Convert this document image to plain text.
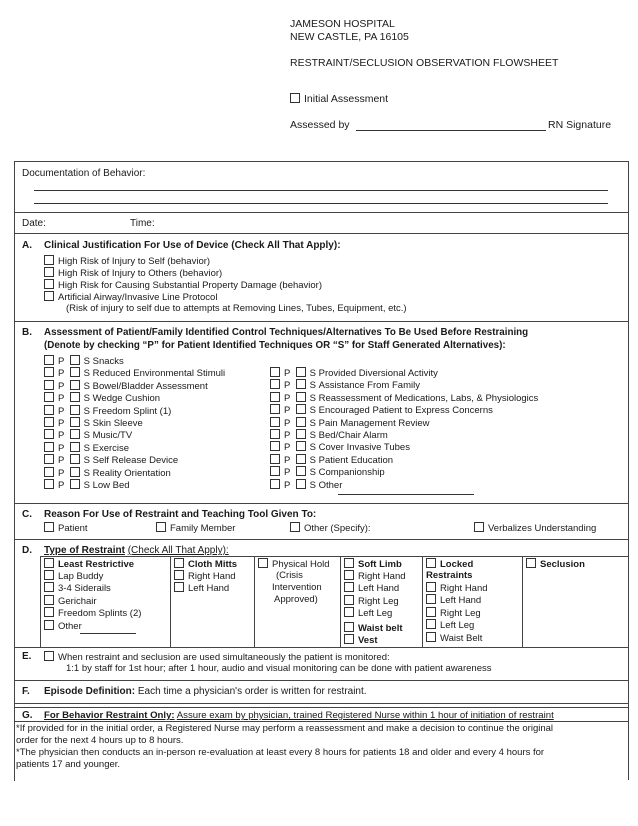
JAMESON HOSPITAL
NEW CASTLE, PA 16105
RESTRAINT/SECLUSION OBSERVATION FLOWSHEET
Initial Assessment
Assessed by	RN Signature
Documentation of Behavior:
Date:	Time:
A. Clinical Justification For Use of Device (Check All That Apply):
High Risk of Injury to Self (behavior)
High Risk of Injury to Others (behavior)
High Risk for Causing Substantial Property Damage (behavior)
Artificial Airway/Invasive Line Protocol
(Risk of injury to self due to attempts at Removing Lines, Tubes, Equipment, etc.)
B. Assessment of Patient/Family Identified Control Techniques/Alternatives To Be Used Before Restraining
(Denote by checking “P” for Patient Identified Techniques OR “S” for Staff Generated Alternatives):
P S Snacks
P S Reduced Environmental Stimuli
P S Bowel/Bladder Assessment
P S Wedge Cushion
P S Freedom Splint (1)
P S Skin Sleeve
P S Music/TV
P S Exercise
P S Self Release Device
P S Reality Orientation
P S Low Bed
P S Provided Diversional Activity
P S Assistance From Family
P S Reassessment of Medications, Labs, & Physiologics
P S Encouraged Patient to Express Concerns
P S Pain Management Review
P S Bed/Chair Alarm
P S Cover Invasive Tubes
P S Patient Education
P S Companionship
P S Other
C. Reason For Use of Restraint and Teaching Tool Given To:
Patient	Family Member	Other (Specify):	Verbalizes Understanding
D. Type of Restraint (Check All That Apply):
Least Restrictive
Lap Buddy
3-4 Siderails
Gerichair
Freedom Splints (2)
Other
Cloth Mitts
Right Hand
Left Hand
Physical Hold
(Crisis
Intervention
Approved)
Soft Limb
Right Hand
Left Hand
Right Leg
Left Leg
Waist belt
Vest
Locked
Restraints
Right Hand
Left Hand
Right Leg
Left Leg
Waist Belt
Seclusion
E.	When restraint and seclusion are used simultaneously the patient is monitored:
1:1 by staff for 1st hour; after 1 hour, audio and visual monitoring can be done with patient awareness
F. Episode Definition: Each time a physician's order is written for restraint.
G. For Behavior Restraint Only: Assure exam by physician, trained Registered Nurse within 1 hour of initiation of restraint
*If provided for in the initial order, a Registered Nurse may perform a reassessment and make a decision to continue the original
order for the next 4 hours up to 8 hours.
*The physician then conducts an in-person re-evaluation at least every 8 hours for patients 18 and older and every 4 hours for
patients 17 and younger.
